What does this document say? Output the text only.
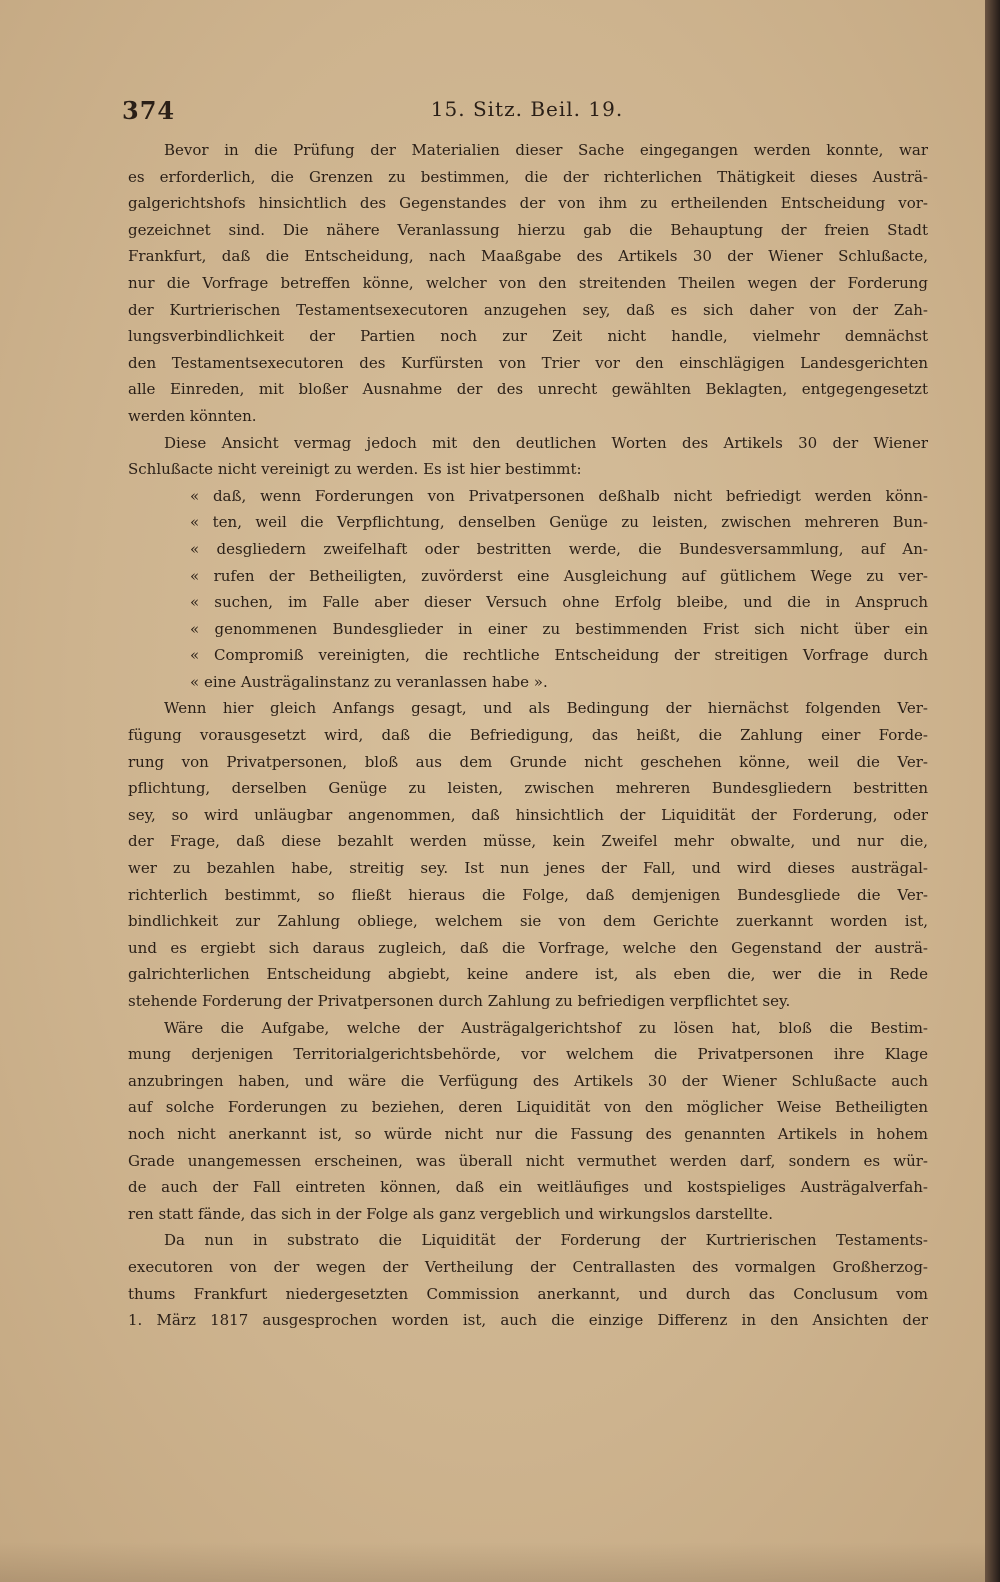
374	15. Sitz. Beil. 19.
Bevor in die Prüfung der Materialien dieser Sache eingegangen werden konnte, war
es erforderlich, die Grenzen zu bestimmen, die der richterlichen Thätigkeit dieses Austrä-
galgerichtshofs hinsichtlich des Gegenstandes der von ihm zu ertheilenden Entscheidung vor-
gezeichnet sind. Die nähere Veranlassung hierzu gab die Behauptung der freien Stadt
Frankfurt, daß die Entscheidung, nach Maaßgabe des Artikels 30 der Wiener Schlußacte,
nur die Vorfrage betreffen könne, welcher von den streitenden Theilen wegen der Forderung
der Kurtrierischen Testamentsexecutoren anzugehen sey, daß es sich daher von der Zah-
lungsverbindlichkeit der Partien noch zur Zeit nicht handle, vielmehr demnächst
den Testamentsexecutoren des Kurfürsten von Trier vor den einschlägigen Landesgerichten
alle Einreden, mit bloßer Ausnahme der des unrecht gewählten Beklagten, entgegengesetzt
werden könnten.
Diese Ansicht vermag jedoch mit den deutlichen Worten des Artikels 30 der Wiener
Schlußacte nicht vereinigt zu werden. Es ist hier bestimmt:
« daß, wenn Forderungen von Privatpersonen deßhalb nicht befriedigt werden könn-
« ten, weil die Verpflichtung, denselben Genüge zu leisten, zwischen mehreren Bun-
« desgliedern zweifelhaft oder bestritten werde, die Bundesversammlung, auf An-
« rufen der Betheiligten, zuvörderst eine Ausgleichung auf gütlichem Wege zu ver-
« suchen, im Falle aber dieser Versuch ohne Erfolg bleibe, und die in Anspruch
« genommenen Bundesglieder in einer zu bestimmenden Frist sich nicht über ein
« Compromiß vereinigten, die rechtliche Entscheidung der streitigen Vorfrage durch
« eine Austrägalinstanz zu veranlassen habe ».
Wenn hier gleich Anfangs gesagt, und als Bedingung der hiernächst folgenden Ver-
fügung vorausgesetzt wird, daß die Befriedigung, das heißt, die Zahlung einer Forde-
rung von Privatpersonen, bloß aus dem Grunde nicht geschehen könne, weil die Ver-
pflichtung, derselben Genüge zu leisten, zwischen mehreren Bundesgliedern bestritten
sey, so wird unläugbar angenommen, daß hinsichtlich der Liquidität der Forderung, oder
der Frage, daß diese bezahlt werden müsse, kein Zweifel mehr obwalte, und nur die,
wer zu bezahlen habe, streitig sey. Ist nun jenes der Fall, und wird dieses austrägal-
richterlich bestimmt, so fließt hieraus die Folge, daß demjenigen Bundesgliede die Ver-
bindlichkeit zur Zahlung obliege, welchem sie von dem Gerichte zuerkannt worden ist,
und es ergiebt sich daraus zugleich, daß die Vorfrage, welche den Gegenstand der austrä-
galrichterlichen Entscheidung abgiebt, keine andere ist, als eben die, wer die in Rede
stehende Forderung der Privatpersonen durch Zahlung zu befriedigen verpflichtet sey.
Wäre die Aufgabe, welche der Austrägalgerichtshof zu lösen hat, bloß die Bestim-
mung derjenigen Territorialgerichtsbehörde, vor welchem die Privatpersonen ihre Klage
anzubringen haben, und wäre die Verfügung des Artikels 30 der Wiener Schlußacte auch
auf solche Forderungen zu beziehen, deren Liquidität von den möglicher Weise Betheiligten
noch nicht anerkannt ist, so würde nicht nur die Fassung des genannten Artikels in hohem
Grade unangemessen erscheinen, was überall nicht vermuthet werden darf, sondern es wür-
de auch der Fall eintreten können, daß ein weitläufiges und kostspieliges Austrägalverfah-
ren statt fände, das sich in der Folge als ganz vergeblich und wirkungslos darstellte.
Da nun in substrato die Liquidität der Forderung der Kurtrierischen Testaments-
executoren von der wegen der Vertheilung der Centrallasten des vormalgen Großherzog-
thums Frankfurt niedergesetzten Commission anerkannt, und durch das Conclusum vom
1. März 1817 ausgesprochen worden ist, auch die einzige Differenz in den Ansichten der
